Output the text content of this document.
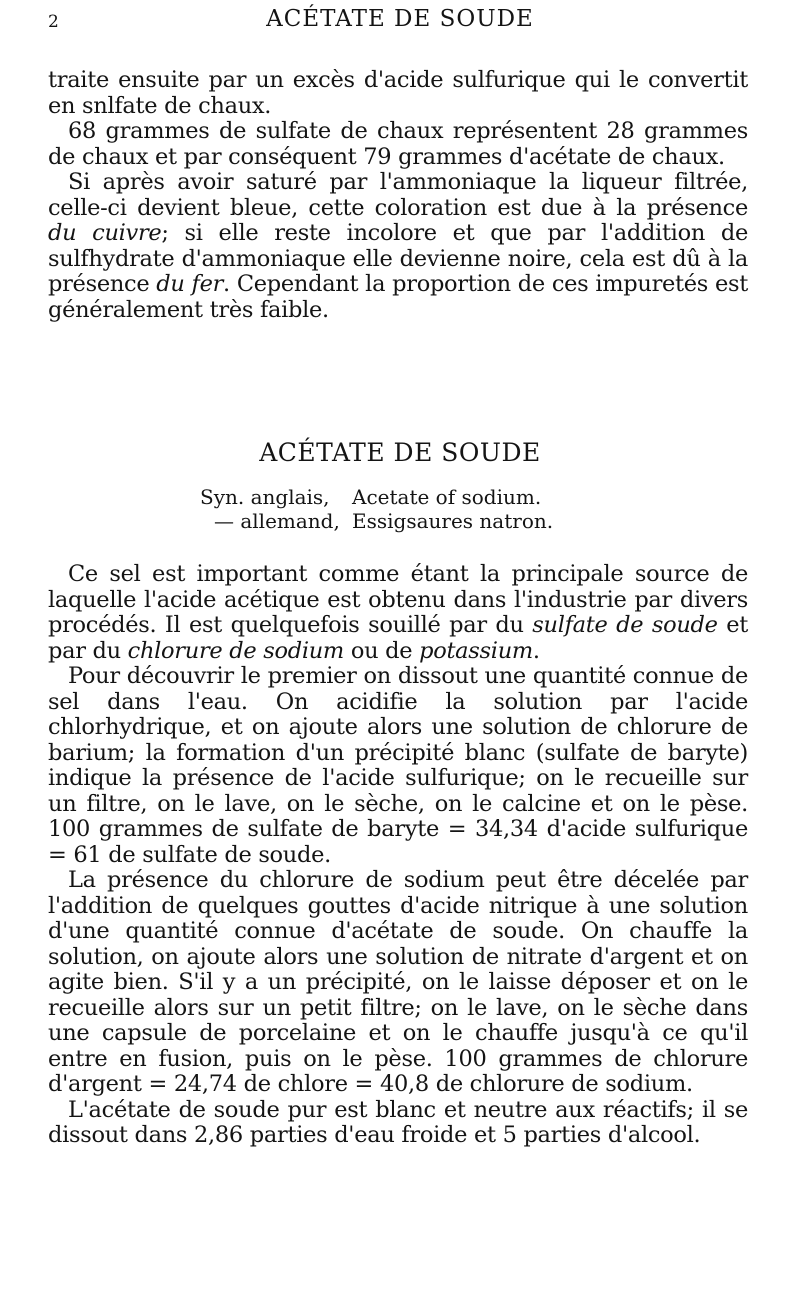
2	ACÉTATE DE SOUDE

traite ensuite par un excès d'acide sulfurique qui le convertit en snlfate de chaux.

68 grammes de sulfate de chaux représentent 28 grammes de chaux et par conséquent 79 grammes d'acétate de chaux.

Si après avoir saturé par l'ammoniaque la liqueur filtrée, celle-ci devient bleue, cette coloration est due à la présence du cuivre; si elle reste incolore et que par l'addition de sulfhydrate d'ammoniaque elle devienne noire, cela est dû à la présence du fer. Cependant la proportion de ces impuretés est généralement très faible.

ACÉTATE DE SOUDE
Syn. anglais,	Acetate of sodium.
— allemand, Essigsaures natron.

Ce sel est important comme étant la principale source de laquelle l'acide acétique est obtenu dans l'industrie par divers procédés. Il est quelquefois souillé par du sulfate de soude et par du chlorure de sodium ou de potassium.

Pour découvrir le premier on dissout une quantité connue de sel dans l'eau. On acidifie la solution par l'acide chlorhydrique, et on ajoute alors une solution de chlorure de barium; la formation d'un précipité blanc (sulfate de baryte) indique la présence de l'acide sulfurique; on le recueille sur un filtre, on le lave, on le sèche, on le calcine et on le pèse. 100 grammes de sulfate de baryte = 34,34 d'acide sulfurique = 61 de sulfate de soude.

La présence du chlorure de sodium peut être décelée par l'addition de quelques gouttes d'acide nitrique à une solution d'une quantité connue d'acétate de soude. On chauffe la solution, on ajoute alors une solution de nitrate d'argent et on agite bien. S'il y a un précipité, on le laisse déposer et on le recueille alors sur un petit filtre; on le lave, on le sèche dans une capsule de porcelaine et on le chauffe jusqu'à ce qu'il entre en fusion, puis on le pèse. 100 grammes de chlorure d'argent = 24,74 de chlore = 40,8 de chlorure de sodium.

L'acétate de soude pur est blanc et neutre aux réactifs; il se dissout dans 2,86 parties d'eau froide et 5 parties d'alcool.
